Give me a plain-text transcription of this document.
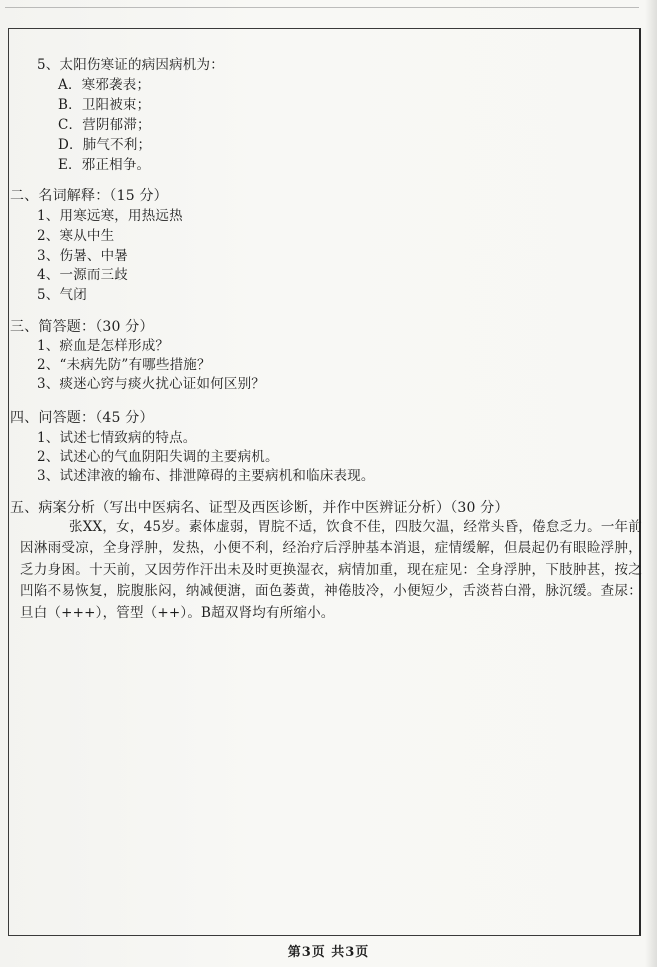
5、太阳伤寒证的病因病机为：
A．寒邪袭表；
B．卫阳被束；
C．营阴郁滞；
D．肺气不利；
E．邪正相争。
二、名词解释：（15 分）
1、用寒远寒，用热远热
2、寒从中生
3、伤暑、中暑
4、一源而三歧
5、气闭
三、简答题：（30 分）
1、瘀血是怎样形成？
2、“未病先防”有哪些措施？
3、痰迷心窍与痰火扰心证如何区别？
四、问答题：（45 分）
1、试述七情致病的特点。
2、试述心的气血阴阳失调的主要病机。
3、试述津液的输布、排泄障碍的主要病机和临床表现。
五、病案分析（写出中医病名、证型及西医诊断，并作中医辨证分析）（30 分）
张XX，女，45岁。素体虚弱，胃脘不适，饮食不佳，四肢欠温，经常头昏，倦怠乏力。一年前因淋雨受凉，全身浮肿，发热，小便不利，经治疗后浮肿基本消退，症情缓解，但晨起仍有眼睑浮肿，乏力身困。十天前，又因劳作汗出未及时更换湿衣，病情加重，现在症见：全身浮肿，下肢肿甚，按之凹陷不易恢复，脘腹胀闷，纳减便溏，面色萎黄，神倦肢冷，小便短少，舌淡苔白滑，脉沉缓。查尿：旦白（+++），管型（++）。B超双肾均有所缩小。
第3页 共3页
